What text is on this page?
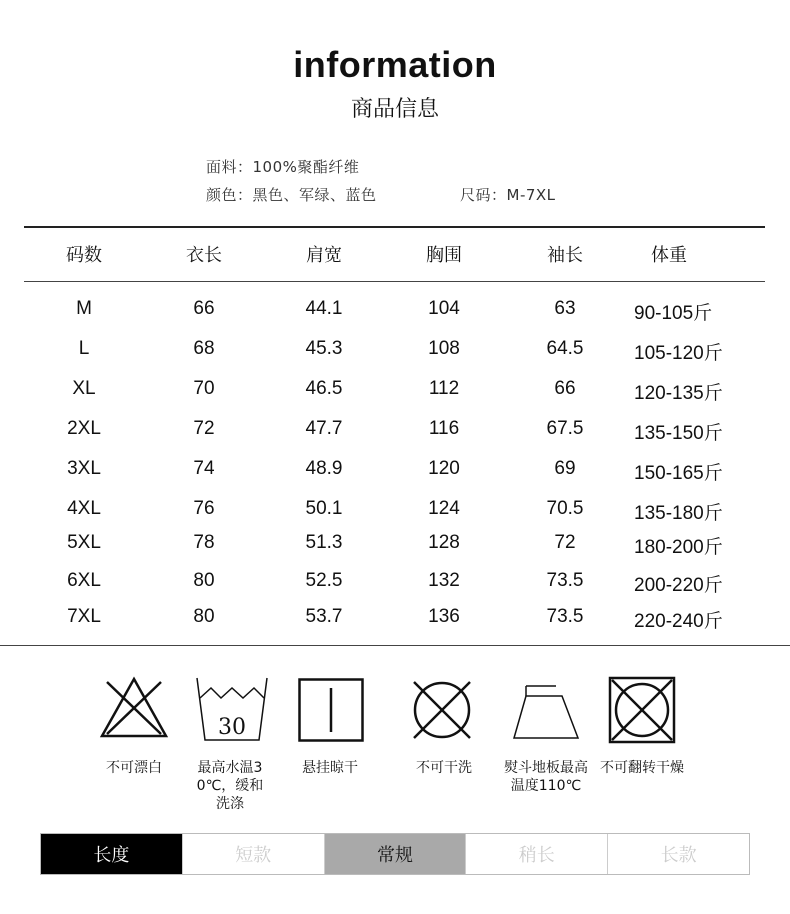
information
商品信息
面料：100%聚酯纤维
颜色：黑色、军绿、蓝色	尺码：M-7XL
码数	衣长	肩宽	胸围	袖长	体重
M	66	44.1	104	63	90-105斤
L	68	45.3	108	64.5	105-120斤
XL	70	46.5	112	66	120-135斤
2XL	72	47.7	116	67.5	135-150斤
3XL	74	48.9	120	69	150-165斤
4XL	76	50.1	124	70.5	135-180斤
5XL	78	51.3	128	72	180-200斤
6XL	80	52.5	132	73.5	200-220斤
7XL	80	53.7	136	73.5	220-240斤
不可漂白
30
最高水温30℃，缓和洗涤
悬挂晾干	不可干洗	熨斗地板最高温度110℃
不可翻转干燥
长度	短款	常规	稍长	长款
